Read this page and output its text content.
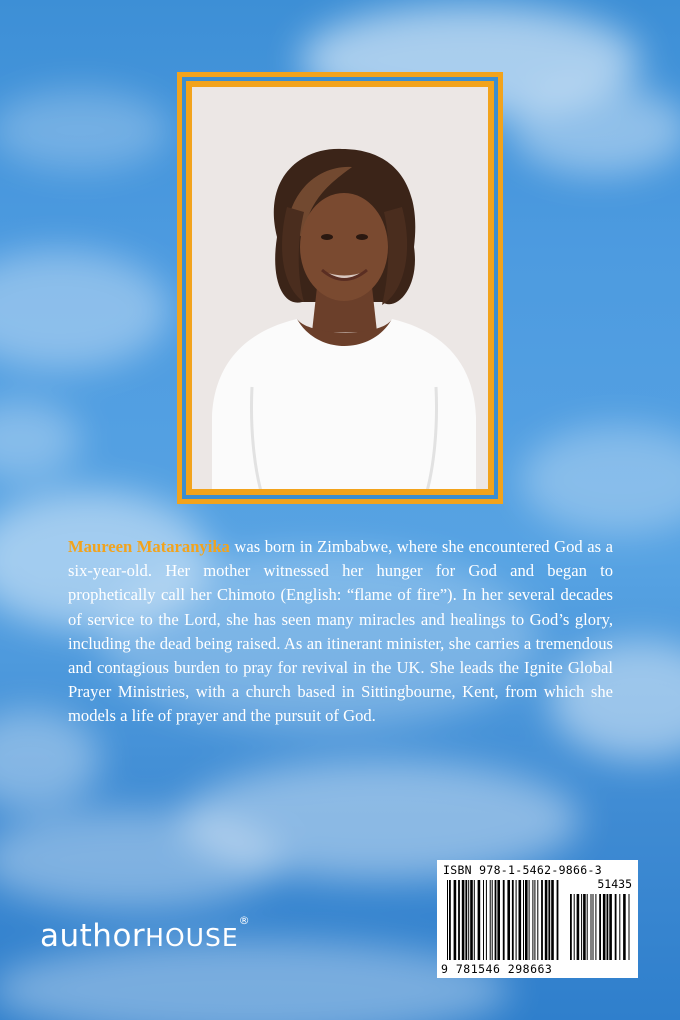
Maureen Mataranyika was born in Zimbabwe, where she encountered God as a six-year-old. Her mother witnessed her hunger for God and began to prophetically call her Chimoto (English: “flame of fire”). In her several decades of service to the Lord, she has seen many miracles and healings to God’s glory, including the dead being raised. As an itinerant minister, she carries a tremendous and contagious burden to pray for revival in the UK. She leads the Ignite Global Prayer Ministries, with a church based in Sittingbourne, Kent, from which she models a life of prayer and the pursuit of God.

authorHOUSE®
ISBN 978-1-5462-9866-3
51435
9 781546 298663
